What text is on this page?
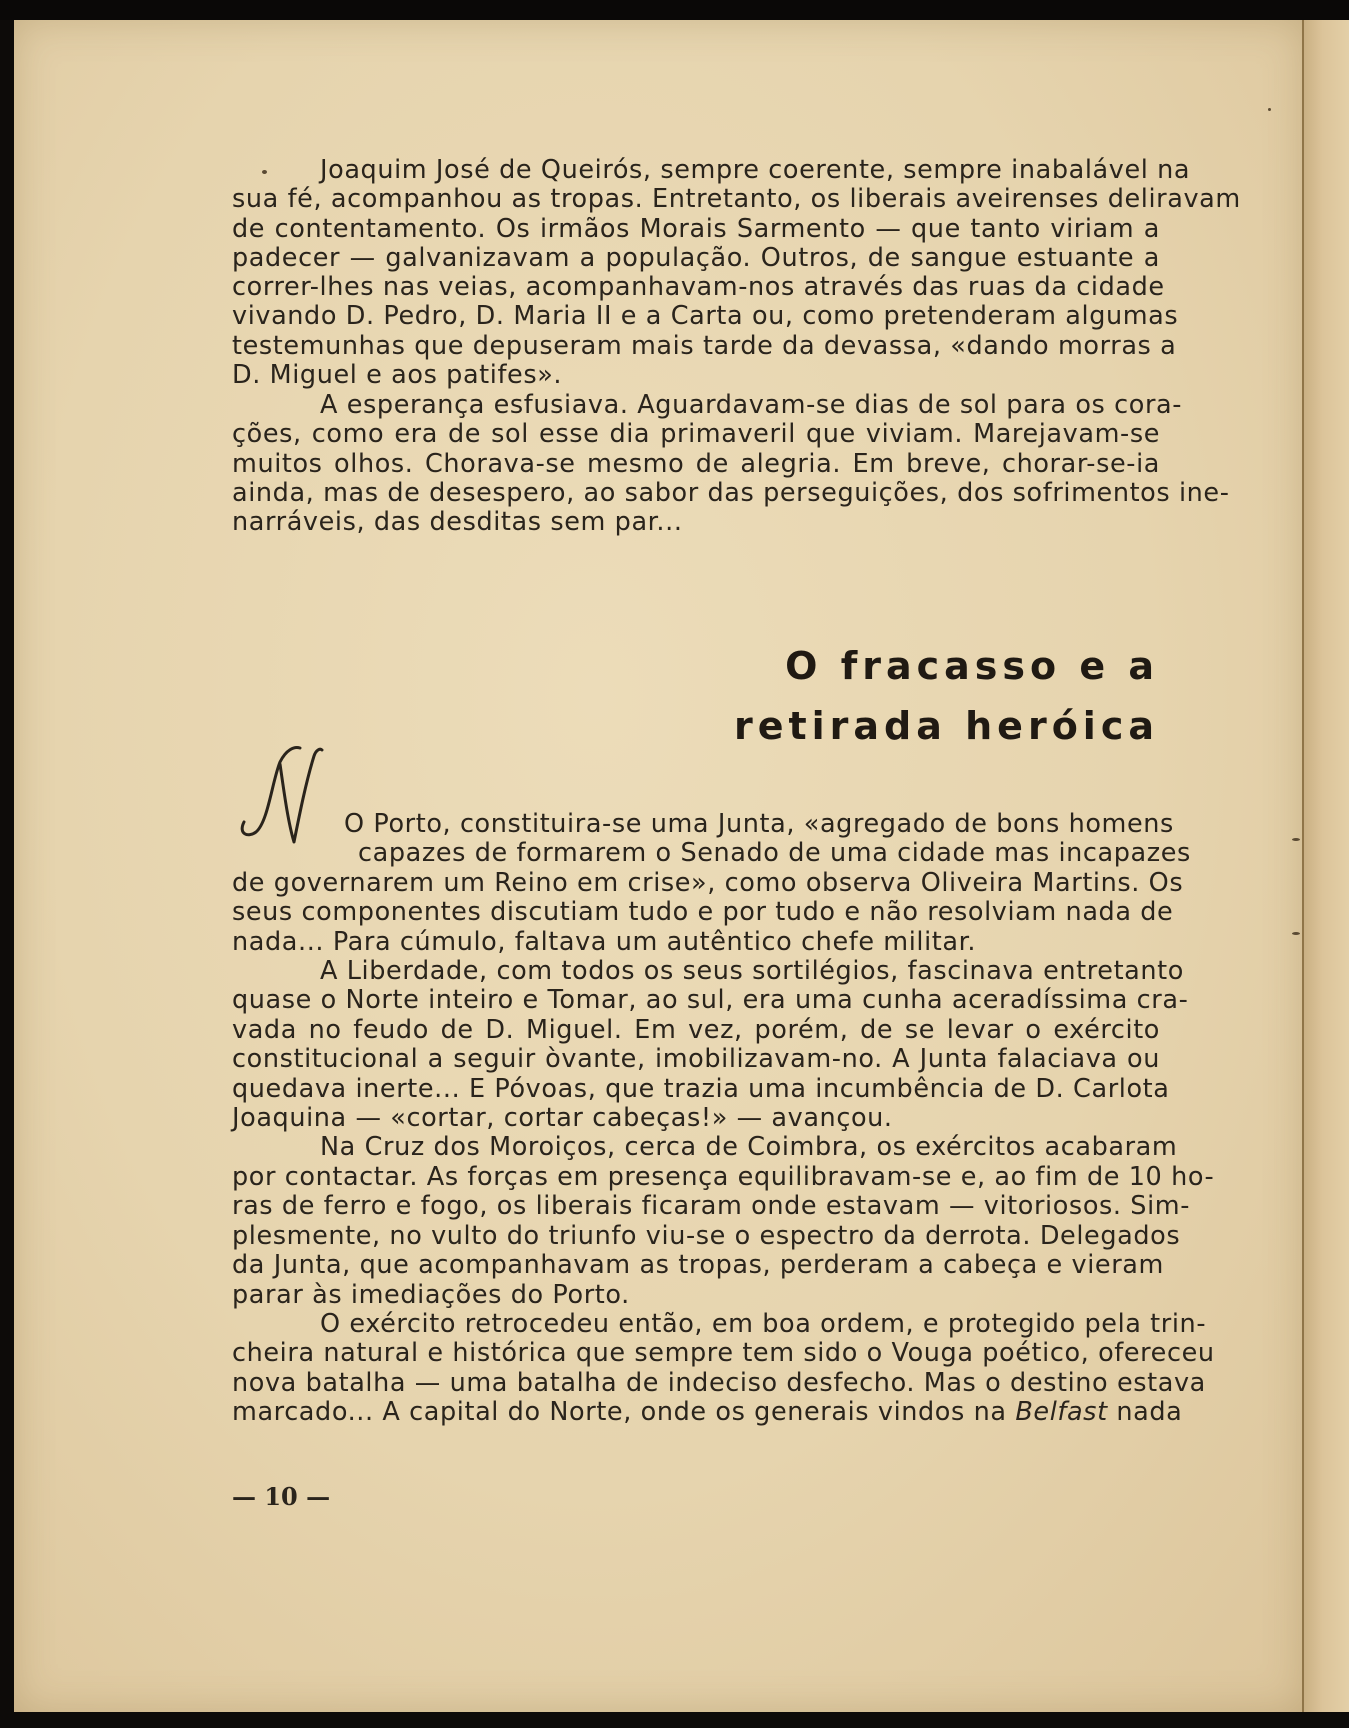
Joaquim José de Queirós, sempre coerente, sempre inabalável na
sua fé, acompanhou as tropas. Entretanto, os liberais aveirenses deliravam
de contentamento. Os irmãos Morais Sarmento — que tanto viriam a
padecer — galvanizavam a população. Outros, de sangue estuante a
correr-lhes nas veias, acompanhavam-nos através das ruas da cidade
vivando D. Pedro, D. Maria II e a Carta ou, como pretenderam algumas
testemunhas que depuseram mais tarde da devassa, «dando morras a
D. Miguel e aos patifes».
A esperança esfusiava. Aguardavam-se dias de sol para os cora-
ções, como era de sol esse dia primaveril que viviam. Marejavam-se
muitos olhos. Chorava-se mesmo de alegria. Em breve, chorar-se-ia
ainda, mas de desespero, ao sabor das perseguições, dos sofrimentos ine-
narráveis, das desditas sem par...
O fracasso e a
retirada heróica
O Porto, constituira-se uma Junta, «agregado de bons homens
capazes de formarem o Senado de uma cidade mas incapazes
de governarem um Reino em crise», como observa Oliveira Martins. Os
seus componentes discutiam tudo e por tudo e não resolviam nada de
nada... Para cúmulo, faltava um autêntico chefe militar.
A Liberdade, com todos os seus sortilégios, fascinava entretanto
quase o Norte inteiro e Tomar, ao sul, era uma cunha aceradíssima cra-
vada no feudo de D. Miguel. Em vez, porém, de se levar o exército
constitucional a seguir òvante, imobilizavam-no. A Junta falaciava ou
quedava inerte... E Póvoas, que trazia uma incumbência de D. Carlota
Joaquina — «cortar, cortar cabeças!» — avançou.
Na Cruz dos Moroiços, cerca de Coimbra, os exércitos acabaram
por contactar. As forças em presença equilibravam-se e, ao fim de 10 ho-
ras de ferro e fogo, os liberais ficaram onde estavam — vitoriosos. Sim-
plesmente, no vulto do triunfo viu-se o espectro da derrota. Delegados
da Junta, que acompanhavam as tropas, perderam a cabeça e vieram
parar às imediações do Porto.
O exército retrocedeu então, em boa ordem, e protegido pela trin-
cheira natural e histórica que sempre tem sido o Vouga poético, ofereceu
nova batalha — uma batalha de indeciso desfecho. Mas o destino estava
marcado... A capital do Norte, onde os generais vindos na Belfast nada
— 10 —
